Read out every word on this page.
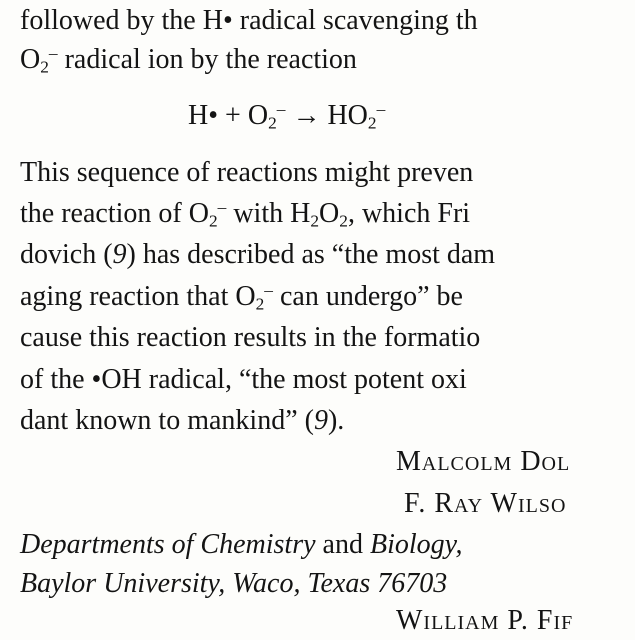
followed by the H• radical scavenging th
$O_2^-$ radical ion by the reaction
H• + $O_2^- \to HO_2^-$
This sequence of reactions might preven
the reaction of $O_2^-$ with $H_2O_2$, which Fri
dovich (9) has described as “the most dam
aging reaction that $O_2^-$ can undergo” be
cause this reaction results in the formatio
of the •OH radical, “the most potent oxi
dant known to mankind” (9).
Malcolm Dol
F. Ray Wilso
Departments of Chemistry and Biology,
Baylor University, Waco, Texas 76703
William P. Fif
